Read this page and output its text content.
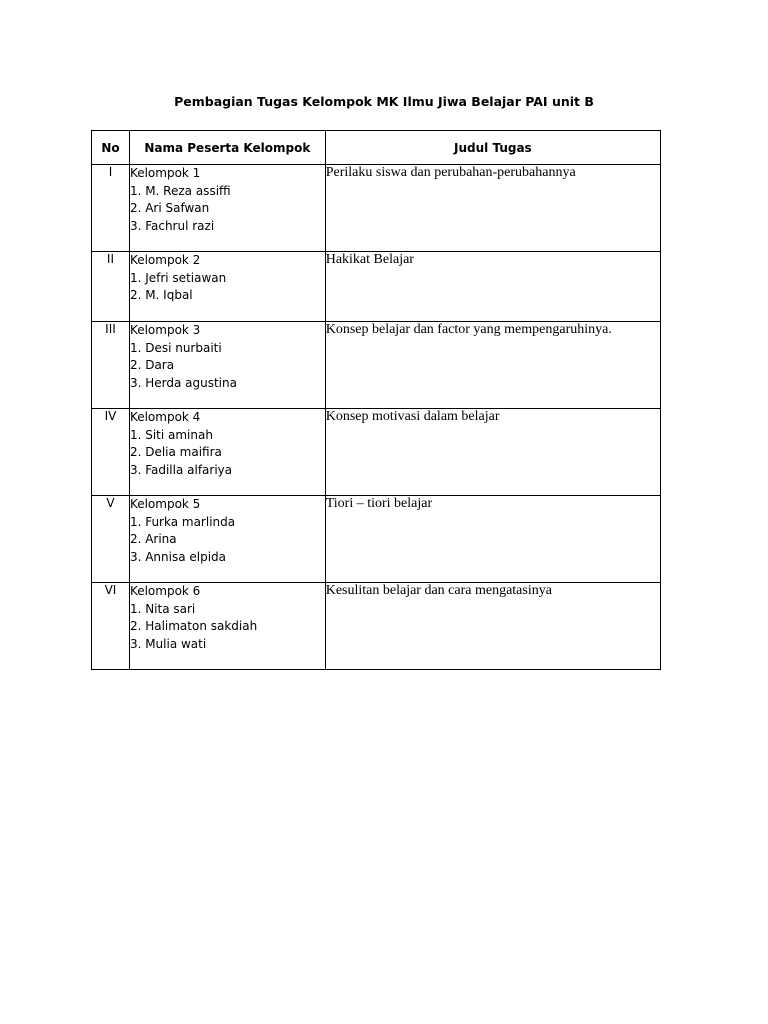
Pembagian Tugas Kelompok MK Ilmu Jiwa Belajar PAI unit B
No	Nama Peserta Kelompok	Judul Tugas
I	Kelompok 1
1. M. Reza assiffi
2. Ari Safwan
3. Fachrul razi	Perilaku siswa dan perubahan-perubahannya
II	Kelompok 2
1. Jefri setiawan
2. M. Iqbal	Hakikat Belajar
III	Kelompok 3
1. Desi nurbaiti
2. Dara
3. Herda agustina	Konsep belajar dan factor yang mempengaruhinya.
IV	Kelompok 4
1. Siti aminah
2. Delia maifira
3. Fadilla alfariya	Konsep motivasi dalam belajar
V	Kelompok 5
1. Furka marlinda
2. Arina
3. Annisa elpida	Tiori – tiori belajar
VI	Kelompok 6
1. Nita sari
2. Halimaton sakdiah
3. Mulia wati	Kesulitan belajar dan cara mengatasinya
